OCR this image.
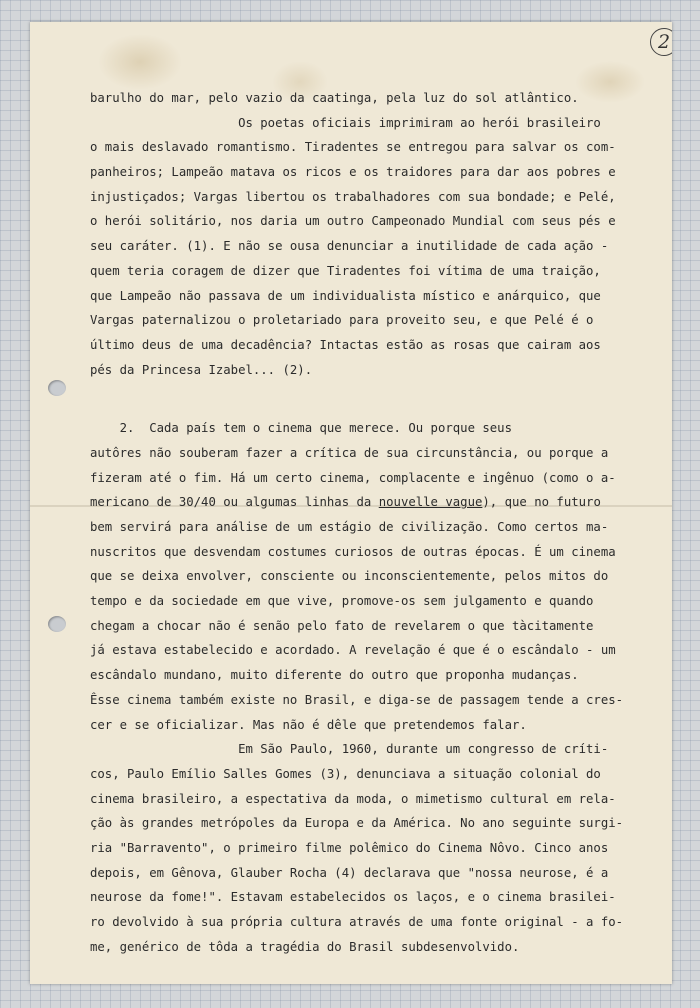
2
barulho do mar, pelo vazio da caatinga, pela luz do sol atlântico.
Os poetas oficiais imprimiram ao herói brasileiro
o mais deslavado romantismo. Tiradentes se entregou para salvar os com-
panheiros; Lampeão matava os ricos e os traidores para dar aos pobres e
injustiçados; Vargas libertou os trabalhadores com sua bondade; e Pelé,
o herói solitário, nos daria um outro Campeonado Mundial com seus pés e
seu caráter. (1). E não se ousa denunciar a inutilidade de cada ação -
quem teria coragem de dizer que Tiradentes foi vítima de uma traição,
que Lampeão não passava de um individualista místico e anárquico, que
Vargas paternalizou o proletariado para proveito seu, e que Pelé é o
último deus de uma decadência? Intactas estão as rosas que cairam aos
pés da Princesa Izabel... (2).
2.  Cada país tem o cinema que merece. Ou porque seus
autôres não souberam fazer a crítica de sua circunstância, ou porque a
fizeram até o fim. Há um certo cinema, complacente e ingênuo (como o a-
mericano de 30/40 ou algumas linhas da nouvelle vague), que no futuro
bem servirá para análise de um estágio de civilização. Como certos ma-
nuscritos que desvendam costumes curiosos de outras épocas. É um cinema
que se deixa envolver, consciente ou inconscientemente, pelos mitos do
tempo e da sociedade em que vive, promove-os sem julgamento e quando
chegam a chocar não é senão pelo fato de revelarem o que tàcitamente
já estava estabelecido e acordado. A revelação é que é o escândalo - um
escândalo mundano, muito diferente do outro que proponha mudanças.
Êsse cinema também existe no Brasil, e diga-se de passagem tende a cres-
cer e se oficializar. Mas não é dêle que pretendemos falar.
Em São Paulo, 1960, durante um congresso de críti-
cos, Paulo Emílio Salles Gomes (3), denunciava a situação colonial do
cinema brasileiro, a espectativa da moda, o mimetismo cultural em rela-
ção às grandes metrópoles da Europa e da América. No ano seguinte surgi-
ria "Barravento", o primeiro filme polêmico do Cinema Nôvo. Cinco anos
depois, em Gênova, Glauber Rocha (4) declarava que "nossa neurose, é a
neurose da fome!". Estavam estabelecidos os laços, e o cinema brasilei-
ro devolvido à sua própria cultura através de uma fonte original - a fo-
me, genérico de tôda a tragédia do Brasil subdesenvolvido.
